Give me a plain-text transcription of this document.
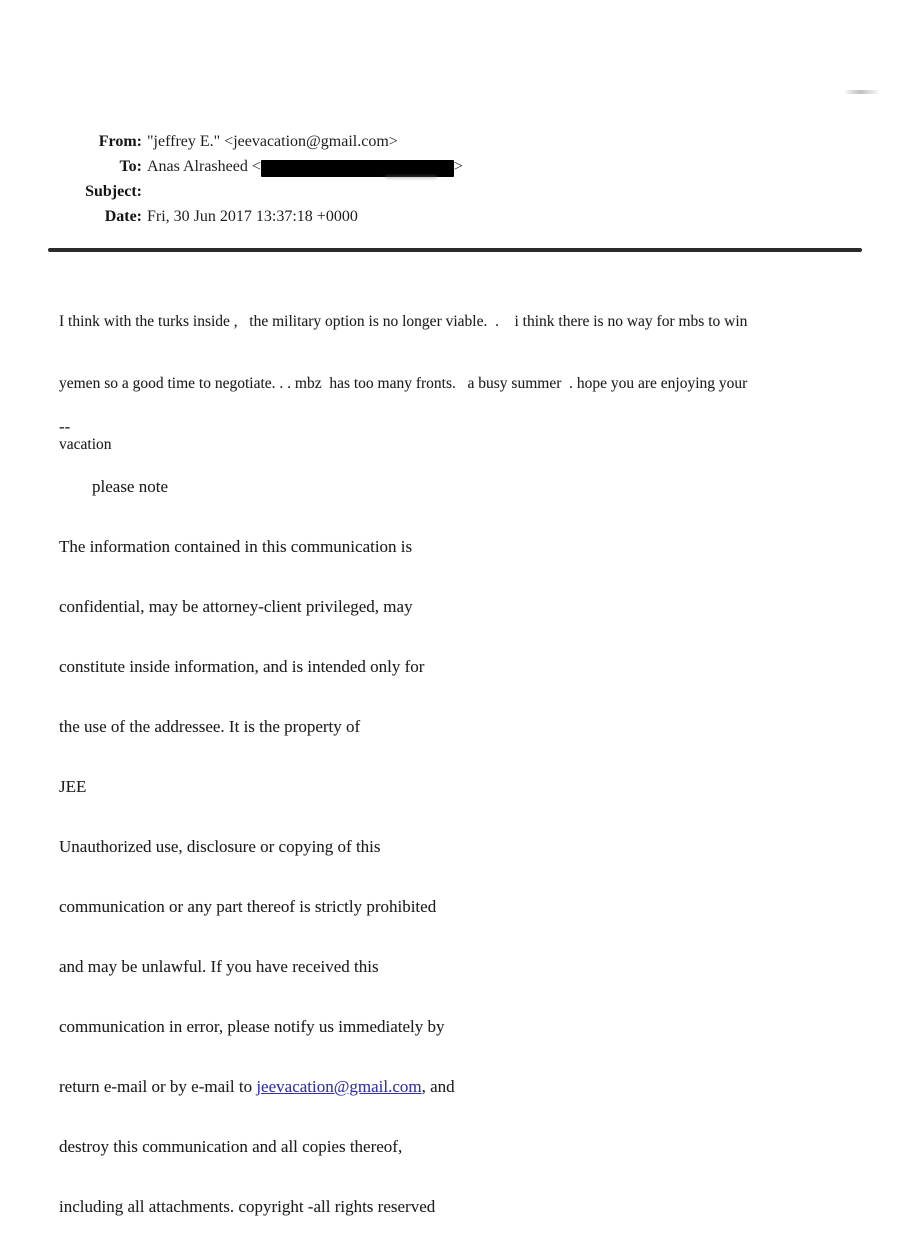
From: "jeffrey E." <jeevacation@gmail.com>
To: Anas Alrasheed <	>
Subject:
Date: Fri, 30 Jun 2017 13:37:18 +0000

I think with the turks inside ,   the military option is no longer viable.  .    i think there is no way for mbs to win

yemen so a good time to negotiate. . . mbz  has too many fronts.   a busy summer  . hope you are enjoying your

vacation

--

please note

The information contained in this communication is

confidential, may be attorney-client privileged, may

constitute inside information, and is intended only for

the use of the addressee. It is the property of

JEE

Unauthorized use, disclosure or copying of this

communication or any part thereof is strictly prohibited

and may be unlawful. If you have received this

communication in error, please notify us immediately by

return e-mail or by e-mail to jeevacation@gmail.com, and

destroy this communication and all copies thereof,

including all attachments. copyright -all rights reserved
